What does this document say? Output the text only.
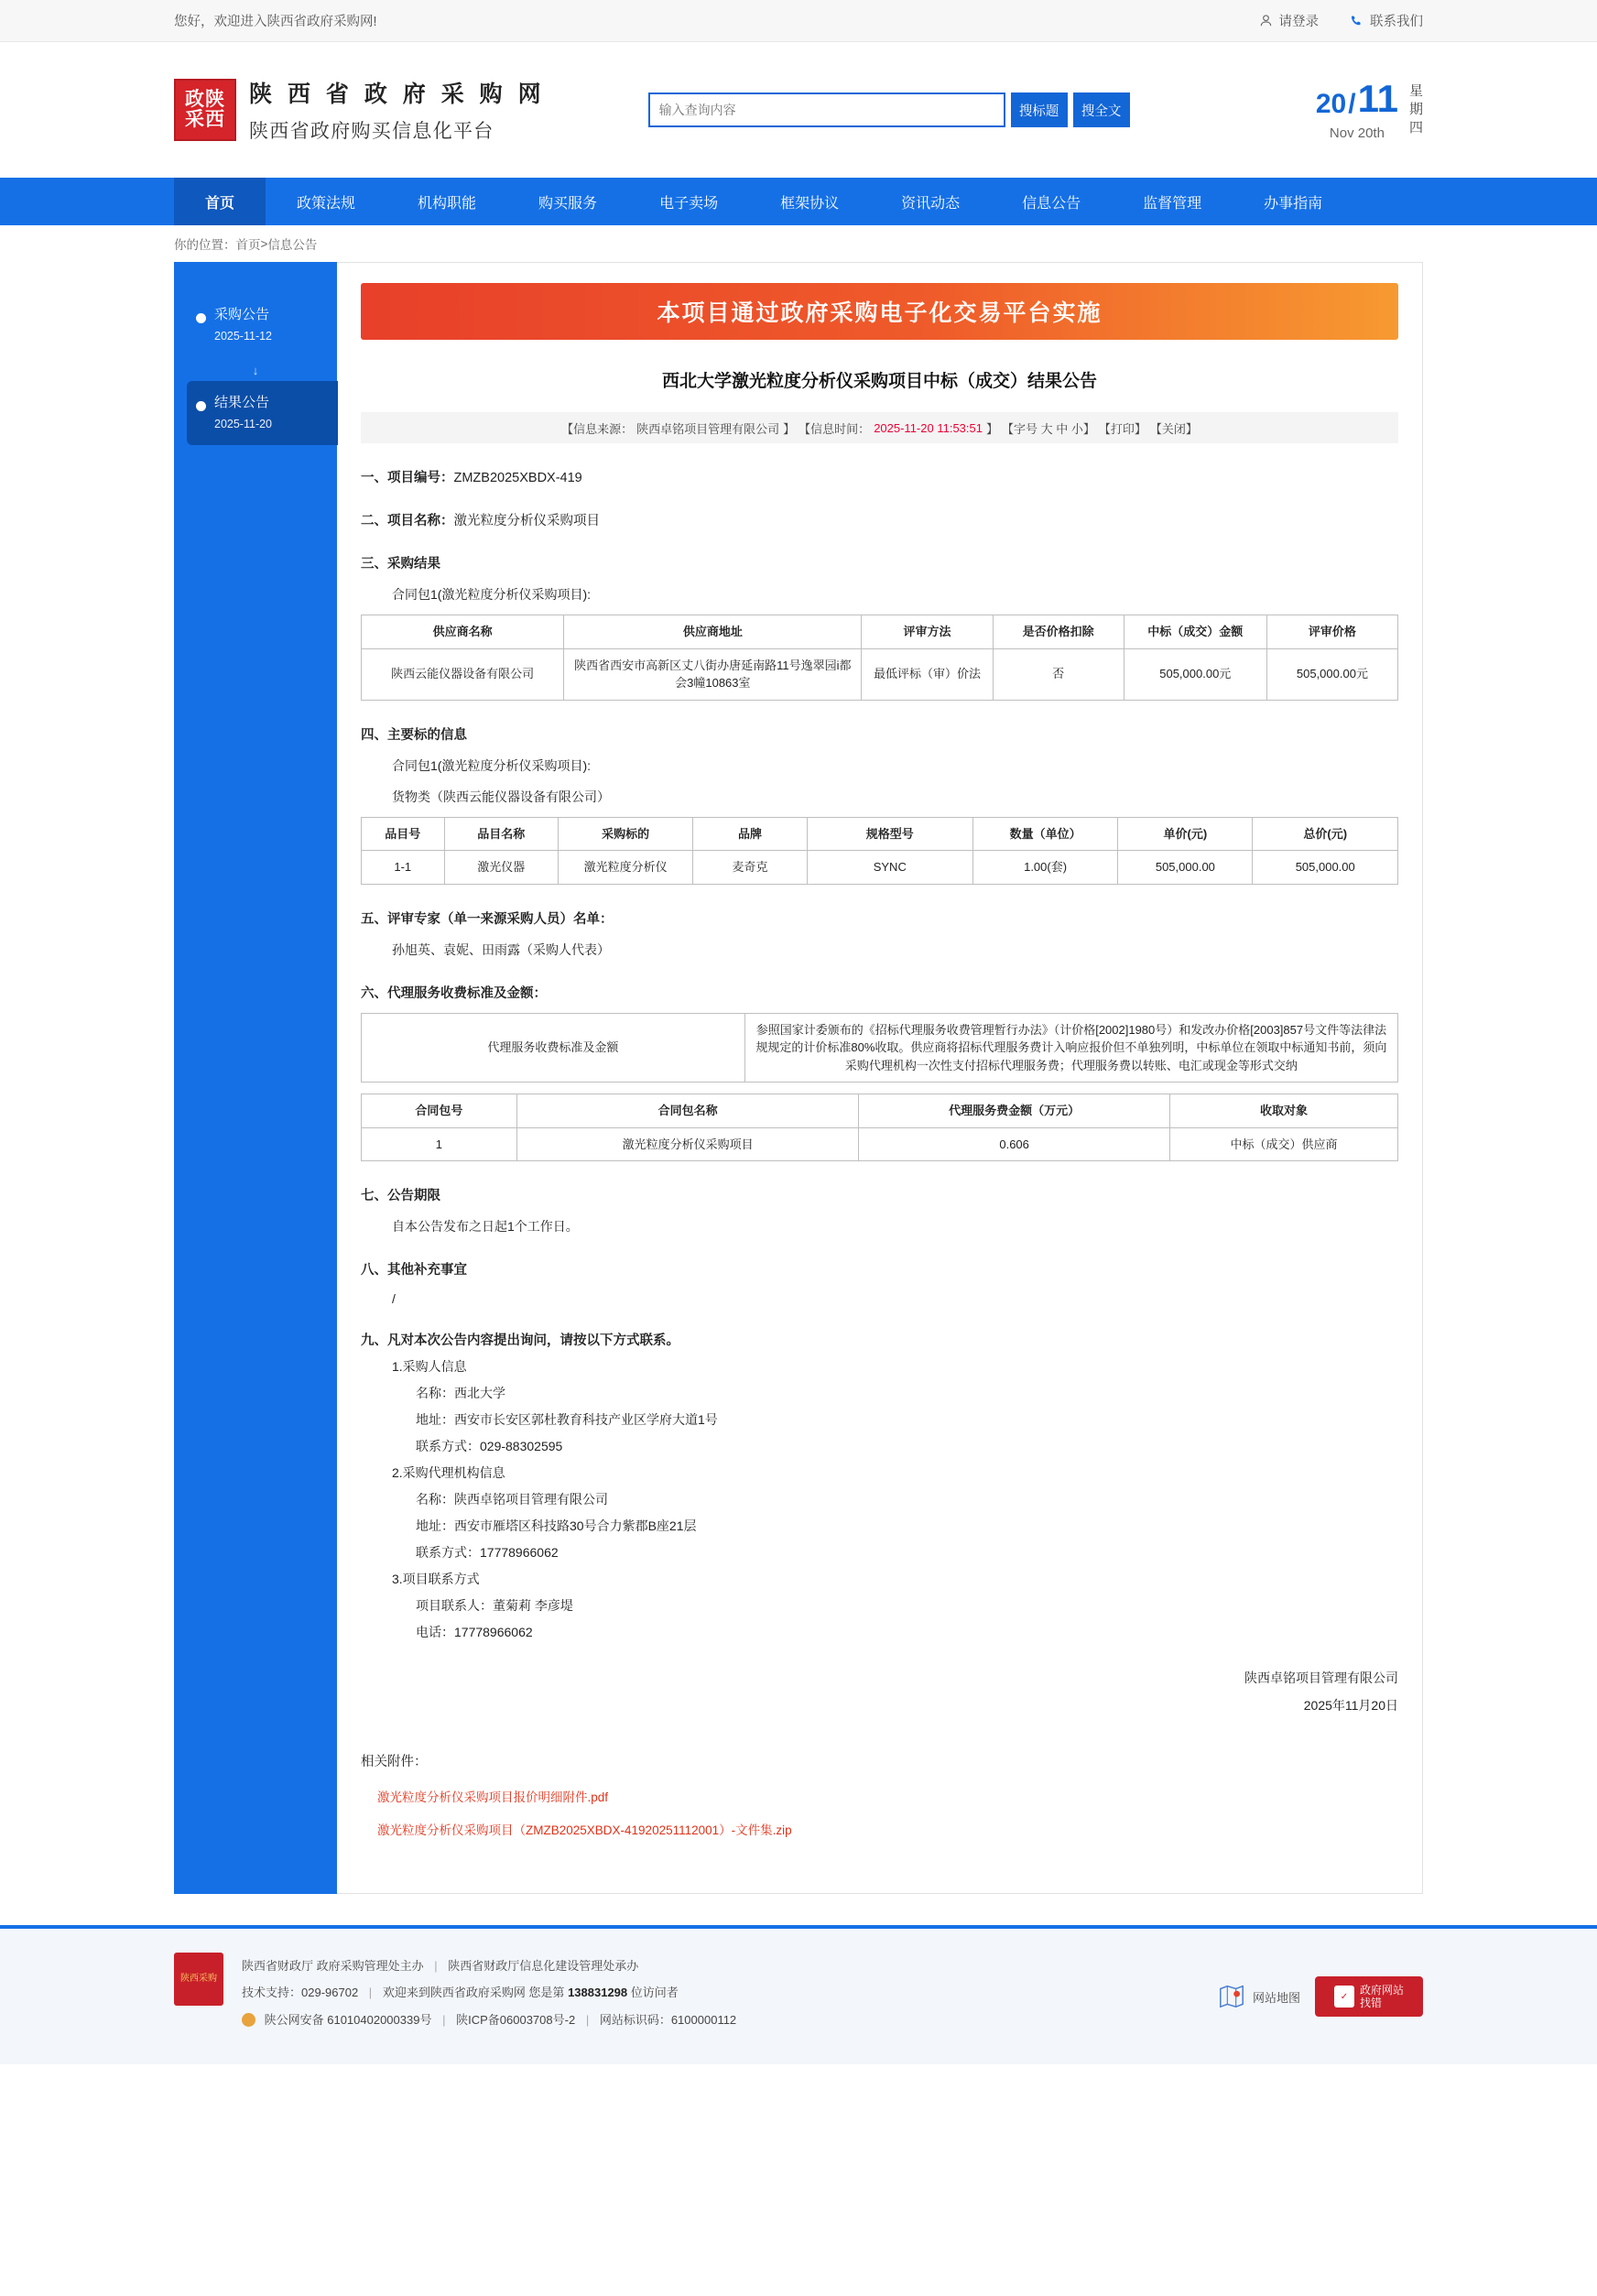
您好，欢迎进入陕西省政府采购网!	请登录	联系我们
政陕
采西
陕 西 省 政 府 采 购 网
陕西省政府购买信息化平台
输入查询内容
搜标题	搜全文	20 / 11
Nov 20th
星
期
四
首页	政策法规	机构职能	购买服务	电子卖场	框架协议	资讯动态	信息公告	监督管理	办事指南
你的位置： 首页 > 信息公告
采购公告
2025-11-12
↓
结果公告
2025-11-20
本项目通过政府采购电子化交易平台实施
西北大学激光粒度分析仪采购项目中标（成交）结果公告
【信息来源： 陕西卓铭项目管理有限公司 】 【信息时间： 2025-11-20 11:53:51 】 【字号 大 中 小】 【打印】 【关闭】
一、项目编号：ZMZB2025XBDX-419
二、项目名称：激光粒度分析仪采购项目
三、采购结果
合同包1(激光粒度分析仪采购项目):
供应商名称	供应商地址	评审方法	是否价格扣除	中标（成交）金额	评审价格
陕西云能仪器设备有限公司	陕西省西安市高新区丈八街办唐延南路11号逸翠园i都会3幢10863室	最低评标（审）价法	否	505,000.00元	505,000.00元
四、主要标的信息
合同包1(激光粒度分析仪采购项目):
货物类（陕西云能仪器设备有限公司）
品目号	品目名称	采购标的	品牌	规格型号	数量（单位）	单价(元)	总价(元)
1-1	激光仪器	激光粒度分析仪	麦奇克	SYNC	1.00(套)	505,000.00	505,000.00
五、评审专家（单一来源采购人员）名单：
孙旭英、袁妮、田雨露（采购人代表）
六、代理服务收费标准及金额：
代理服务收费标准及金额	参照国家计委颁布的《招标代理服务收费管理暂行办法》（计价格[2002]1980号）和发改办价格[2003]857号文件等法律法规规定的计价标准80%收取。供应商将招标代理服务费计入响应报价但不单独列明，中标单位在领取中标通知书前，须向采购代理机构一次性支付招标代理服务费；代理服务费以转账、电汇或现金等形式交纳
合同包号	合同包名称	代理服务费金额（万元）	收取对象
1	激光粒度分析仪采购项目	0.606	中标（成交）供应商
七、公告期限
自本公告发布之日起1个工作日。
八、其他补充事宜
/
九、凡对本次公告内容提出询问，请按以下方式联系。
1.采购人信息
名称：西北大学
地址：西安市长安区郭杜教育科技产业区学府大道1号
联系方式：029-88302595
2.采购代理机构信息
名称：陕西卓铭项目管理有限公司
地址：西安市雁塔区科技路30号合力紫郡B座21层
联系方式：17778966062
3.项目联系方式
项目联系人：董菊莉 李彦堤
电话：17778966062
陕西卓铭项目管理有限公司
2025年11月20日
相关附件：
激光粒度分析仪采购项目报价明细附件.pdf
激光粒度分析仪采购项目（ZMZB2025XBDX-41920251112001）-文件集.zip
陕西采购
陕西省财政厅 政府采购管理处主办 | 陕西省财政厅信息化建设管理处承办
技术支持：029-96702 | 欢迎来到陕西省政府采购网 您是第 138831298 位访问者
陕公网安备 61010402000339号 | 陕ICP备06003708号-2 | 网站标识码：6100000112
网站地图	✓
政府网站
找错
